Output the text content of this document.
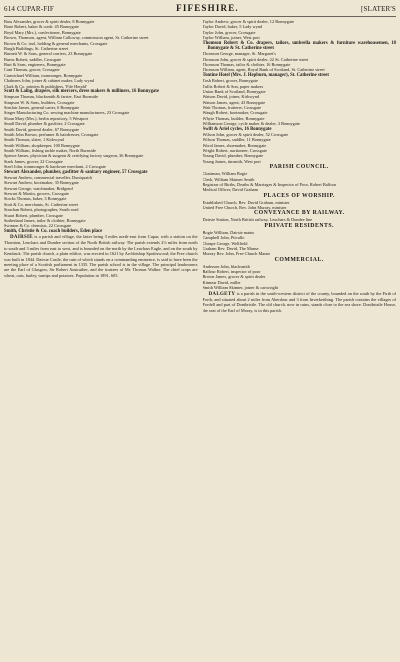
614 CUPAR-FIF	FIFESHIRE.	[SLATER'S

Bass Alexander, grocer & spirit dealer, 8 Bonnygate

Bone Robert, baker & confr. 45 Bonnygate

Boyd Mary (Mrs.), confectioner, Bonnygate

Brown, Thomson, agent, William Calloway, commission agent, St. Catherine street

Brown & Co. tool, holding & general merchants, Crossgate

Burgh Buildings, St. Catherine street

Burnett W. & Sons, general carriers, 23 Bonnygate

Burns Robert, saddler, Crossgate

Burt & Sons, engineers, Bonnygate

Cant Thomas, grocer, Crossgate

Carmichael William, ironmonger, Bonnygate

Chalmers John, joiner & cabinet maker, Lady wynd

Clark & Co. printers & publishers, 'Fife Herald'

Scott & Laing, drapers, silk mercers, dress makers & milliners, 16 Bonnygate

Simpson Thomas, blacksmith & farrier, East Burnside

Simpson W. & Sons, builders, Crossgate

Sinclair James, general carter, 6 Bonnygate

Singer Manufacturing Co. sewing machine manufacturers, 23 Crossgate

Sloan Mary (Mrs.), berlin repository, 5 Westport

Small David, plumber & gasfitter, 2 Crossgate

Smith David, general dealer, 67 Bonnygate

Smith John Brown, perfumer & hairdresser, Crossgate

Smith Thomas, slater, 1 Kirkwynd

Smith William, shopkeeper, 100 Bonnygate

Smith William, fishing tackle maker, North Burnside

Spence James, physician & surgeon & certifying factory surgeon, 36 Bonnygate

Stark James, grocer, 22 Crossgate

Steel John, ironmonger & hardware merchant, 2 Crossgate

Stewart Alexander, plumber, gasfitter & sanitary engineer, 57 Crossgate

Stewart Andrew, commercial traveller, Duniquaich

Stewart Andrew, bootmaker, 35 Bonnygate

Stewart George, watchmaker, Bridgend

Stewart & Martin, grocers, Crossgate

Stocks Thomas, baker, 3 Bonnygate

Stott & Co. merchants, St. Catherine street

Strachan Robert, photographer, South road

Stuart Robert, plumber, Crossgate

Sutherland James, tailor & clothier, Bonnygate

Swinton & Co. chemists, 22 Crossgate

Smith, Christie & Co. coach builders, Eden place

DAIRSIE is a parish and village, the latter being 3 miles north-east from Cupar, with a station on the Thornton, Leuchars and Dundee section of the North British railway. The parish extends 2½ miles from north to south and 3 miles from east to west, and is bounded on the north by the Leuchars Eagle, and on the south by Kemback. The parish church, a plain edifice, was erected in 1621 by Archbishop Spottiswood; the Free church was built in 1844. Dairsie Castle, the ruin of which stands on a commanding eminence, is said to have been the meeting place of a Scottish parliament in 1335. The parish school is in the village. The principal landowners are the Earl of Glasgow, Sir Robert Anstruther, and the trustees of Mr. Thomas Walker. The chief crops are wheat, oats, barley, turnips and potatoes. Population in 1891, 605.

Taylor Andrew, grocer & spirit dealer, 12 Bonnygate

Taylor David, baker, 5 Lady wynd

Taylor John, grocer, Crossgate

Taylor William, joiner, West port

Thomson Robert & Co. drapers, tailors, umbrella makers & furniture warehousemen, 18 Bonnygate & St. Catherine street

Thomson George, manager, St. Margaret's

Thomson John, grocer & spirit dealer, 22 St. Catherine street

Thomson Thomas, tailor & clothier, 16 Bonnygate

Thomson William, agent, Royal Bank of Scotland, St. Catherine street

Tontine Hotel (Mrs. J. Hepburn, manager), St. Catherine street

Tosh Robert, grocer, Bonnygate

Tullis Robert & Son, paper makers

Union Bank of Scotland, Bonnygate

Watson David, joiner, Kirkwynd

Watson James, agent, 43 Bonnygate

Watt Thomas, fruiterer, Crossgate

Waugh Robert, bootmaker, Crossgate

Whyte Thomas, builder, Bonnygate

Williamson George, cycle maker & dealer, 3 Bonnygate

Swift & Ariel cycles, 16 Bonnygate

Wilson John, grocer & spirit dealer, 52 Crossgate

Wilson Thomas, saddler, 11 Bonnygate

Wood James, shoemaker, Bonnygate

Wright Robert, auctioneer, Crossgate

Young David, plumber, Bonnygate

Young James, tinsmith, West port

PARISH COUNCIL.

Chairman, William Bogie

Clerk, William Skinner Smith

Registrar of Births, Deaths & Marriages & Inspector of Poor, Robert Balfour

Medical Officer, David Graham

PLACES OF WORSHIP.

Established Church, Rev. David Graham, minister

United Free Church, Rev. John Murray, minister

CONVEYANCE BY RAILWAY.

Dairsie Station, North British railway, Leuchars & Dundee line

PRIVATE RESIDENTS.

Bogie William, Dairsie mains

Campbell John, Pitcullo

Cheape George, Wellfield

Graham Rev. David, The Manse

Murray Rev. John, Free Church Manse

COMMERCIAL.

Anderson John, blacksmith

Balfour Robert, inspector of poor

Brown James, grocer & spirit dealer

Kinnear David, miller

Smith William Skinner, joiner & cartwright

DALGETY is a parish in the south-western district of the county, bounded on the south by the Firth of Forth, and situated about 2 miles from Aberdour and 3 from Inverkeithing. The parish contains the villages of Fordell and part of Donibristle. The old church, now in ruins, stands close to the sea shore. Donibristle House, the seat of the Earl of Moray, is in this parish.
